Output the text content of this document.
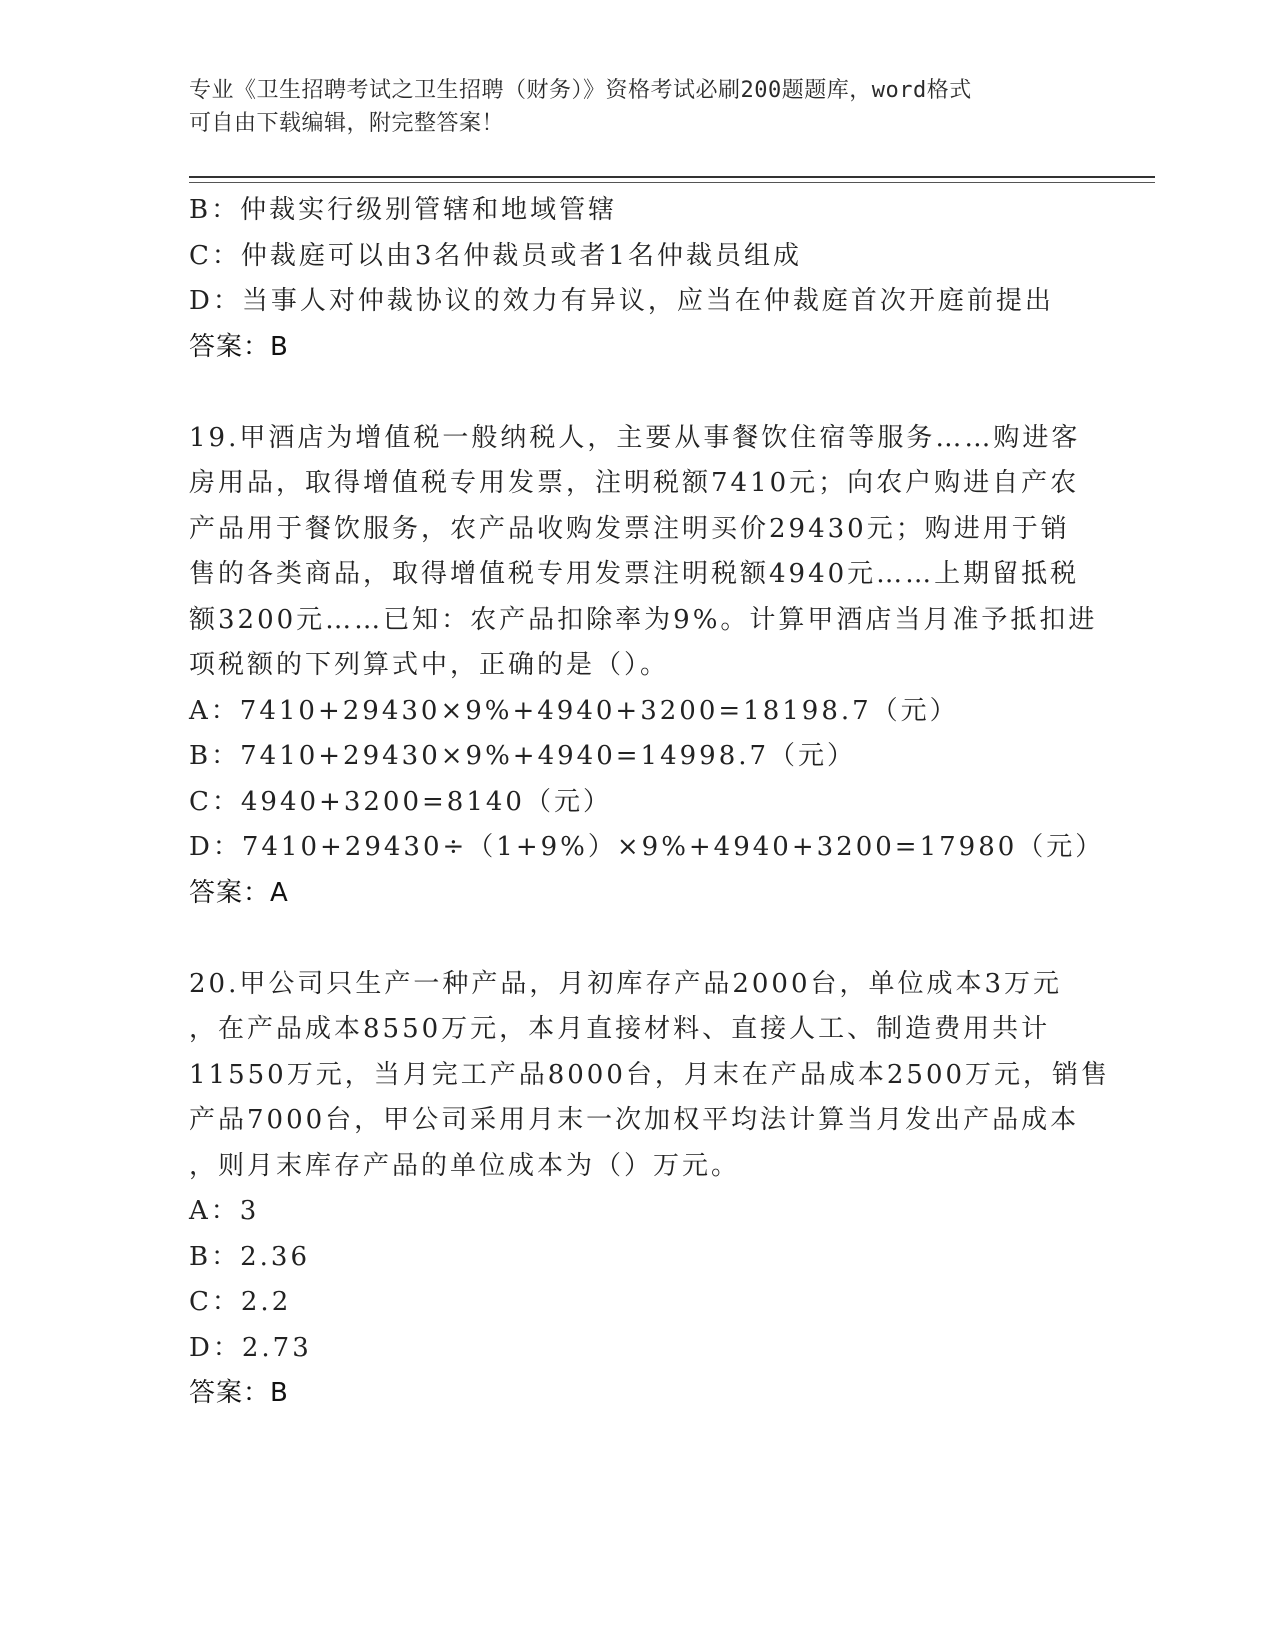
专业《卫生招聘考试之卫生招聘（财务）》资格考试必刷200题题库，word格式
可自由下载编辑，附完整答案！
B：仲裁实行级别管辖和地域管辖
C：仲裁庭可以由3名仲裁员或者1名仲裁员组成
D：当事人对仲裁协议的效力有异议，应当在仲裁庭首次开庭前提出
答案：B
19.甲酒店为增值税一般纳税人，主要从事餐饮住宿等服务……购进客
房用品，取得增值税专用发票，注明税额7410元；向农户购进自产农
产品用于餐饮服务，农产品收购发票注明买价29430元；购进用于销
售的各类商品，取得增值税专用发票注明税额4940元……上期留抵税
额3200元……已知：农产品扣除率为9%。计算甲酒店当月准予抵扣进
项税额的下列算式中，正确的是（）。
A：7410+29430×9%+4940+3200=18198.7（元）
B：7410+29430×9%+4940=14998.7（元）
C：4940+3200=8140（元）
D：7410+29430÷（1+9%）×9%+4940+3200=17980（元）
答案：A
20.甲公司只生产一种产品，月初库存产品2000台，单位成本3万元
，在产品成本8550万元，本月直接材料、直接人工、制造费用共计
11550万元，当月完工产品8000台，月末在产品成本2500万元，销售
产品7000台，甲公司采用月末一次加权平均法计算当月发出产品成本
，则月末库存产品的单位成本为（）万元。
A：3
B：2.36
C：2.2
D：2.73
答案：B
